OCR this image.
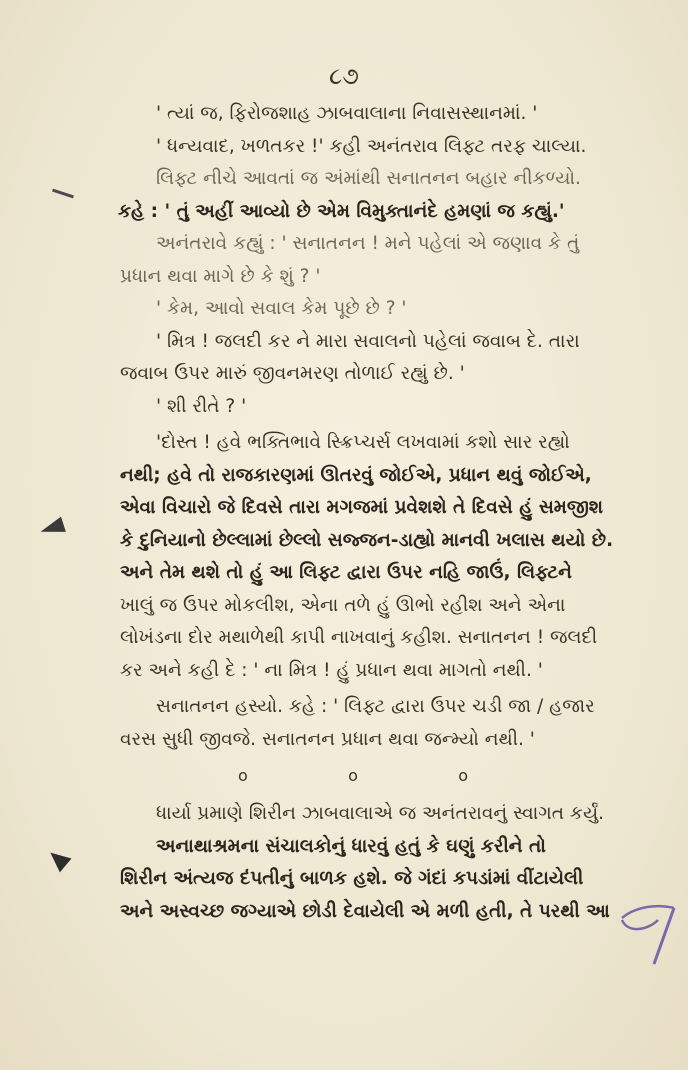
૮૭
' ત્યાં જ, ફિરોજશાહ ઝાબવાલાના નિવાસસ્થાનમાં. '
' ધન્યવાદ, ખળતકર !' કહી અનંતરાવ લિફ્ટ તરફ ચાલ્યા.
લિફ્ટ નીચે આવતાં જ અંમાંથી સનાતનન બહાર નીકળ્યો.
કહે : ' તું અહીં આવ્યો છે એમ વિમુક્તાનંદે હમણાં જ કહ્યું.'
અનંતરાવે કહ્યું : ' સનાતનન ! મને પહેલાં એ જણાવ કે તું
પ્રધાન થવા માગે છે કે શું ? '
' કેમ, આવો સવાલ કેમ પૂછે છે ? '
' મિત્ર ! જલદી કર ને મારા સવાલનો પહેલાં જવાબ દે. તારા
જવાબ ઉપર મારું જીવનમરણ તોળાઈ રહ્યું છે. '
' શી રીતે ? '
'દોસ્ત ! હવે ભક્તિભાવે સ્ક્રિપ્ચર્સ લખવામાં કશો સાર રહ્યો
નથી; હવે તો રાજકારણમાં ઊતરવું જોઈએ, પ્રધાન થવું જોઈએ,
એવા વિચારો જે દિવસે તારા મગજમાં પ્રવેશશે તે દિવસે હું સમજીશ
કે દુનિયાનો છેલ્લામાં છેલ્લો સજ્જન-ડાહ્યો માનવી ખલાસ થયો છે.
અને તેમ થશે તો હું આ લિફ્ટ દ્વારા ઉપર નહિ જાઉં, લિફ્ટને
ખાલું જ ઉપર મોકલીશ, એના તળે હું ઊભો રહીશ અને એના
લોખંડના દોર મથાળેથી કાપી નાખવાનું કહીશ. સનાતનન ! જલદી
કર અને કહી દે : ' ના મિત્ર ! હું પ્રધાન થવા માગતો નથી. '
સનાતનન હસ્યો. કહે : ' લિફ્ટ દ્વારા ઉપર ચડી જા / હજાર
વરસ સુધી જીવજે. સનાતનન પ્રધાન થવા જન્મ્યો નથી. '
o	o	o
ધાર્યા પ્રમાણે શિરીન ઝાબવાલાએ જ અનંતરાવનું સ્વાગત કર્યું.
અનાથાશ્રમના સંચાલકોનું ધારવું હતું કે ઘણું કરીને તો
શિરીન અંત્યજ દંપતીનું બાળક હશે. જે ગંદાં કપડાંમાં વીંટાયેલી
અને અસ્વચ્છ જગ્યાએ છોડી દેવાયેલી એ મળી હતી, તે પરથી આ
7
